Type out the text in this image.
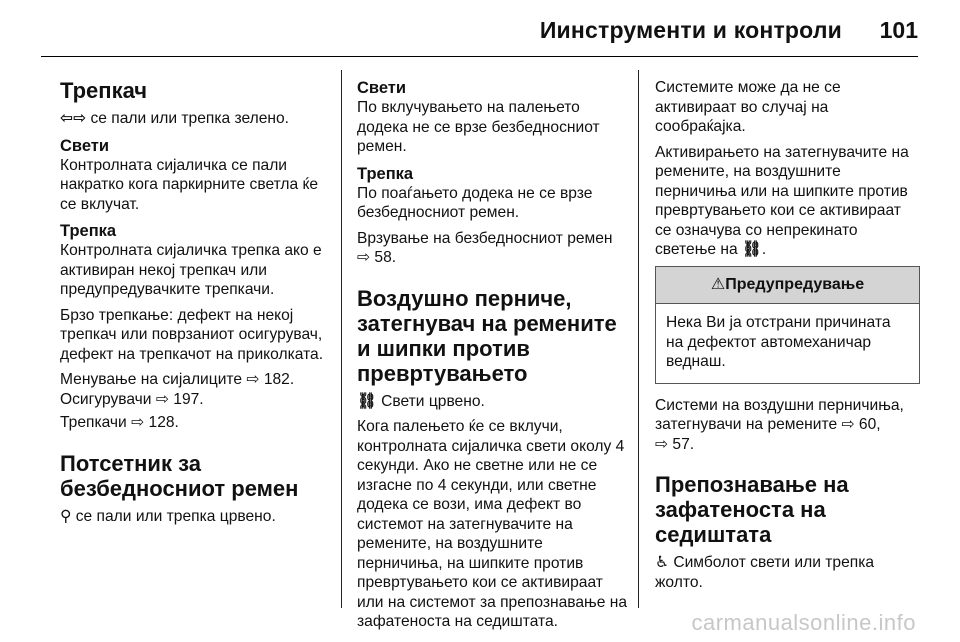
Иинструменти и контроли 101
Трепкач

⇦⇨ се пали или трепка зелено.

Свети

Контролната сијаличка се пали накратко кога паркирните светла ќе се вклучат.

Трепка

Контролната сијаличка трепка ако е активиран некој трепкач или предупредувачките трепкачи.

Брзо трепкање: дефект на некој трепкач или поврзаниот осигурувач, дефект на трепкачот на приколката.

Менување на сијалиците ⇨ 182.
Осигурувачи ⇨ 197.

Трепкачи ⇨ 128.

Потсетник за безбедносниот ремен

⚲ се пали или трепка црвено.

Свети

По вклучувањето на палењето додека не се врзе безбедносниот ремен.

Трепка

По поаѓањето додека не се врзе безбедносниот ремен.

Врзување на безбедносниот ремен
⇨ 58.

Воздушно перниче, затегнувач на ремените и шипки против превртувањето

⛓ Свети црвено.

Кога палењето ќе се вклучи, контролната сијаличка свети околу 4 секунди. Ако не светне или не се изгасне по 4 секунди, или светне додека се вози, има дефект во системот на затегнувачите на ремените, на воздушните перничиња, на шипките против превртувањето кои се активираат или на системот за препознавање на зафатеноста на седиштата.

Системите може да не се активираат во случај на сообраќајка.

Активирањето на затегнувачите на ремените, на воздушните перничиња или на шипките против превртувањето кои се активираат се означува со непрекинато светење на ⛓.

⚠Предупредување
Нека Ви ја отстрани причината на дефектот автомеханичар веднаш.

Системи на воздушни перничиња, затегнувачи на ремените ⇨ 60,
⇨ 57.

Препознавање на зафатеноста на седиштата

♿ Симболот свети или трепка жолто.

carmanualsonline.info
